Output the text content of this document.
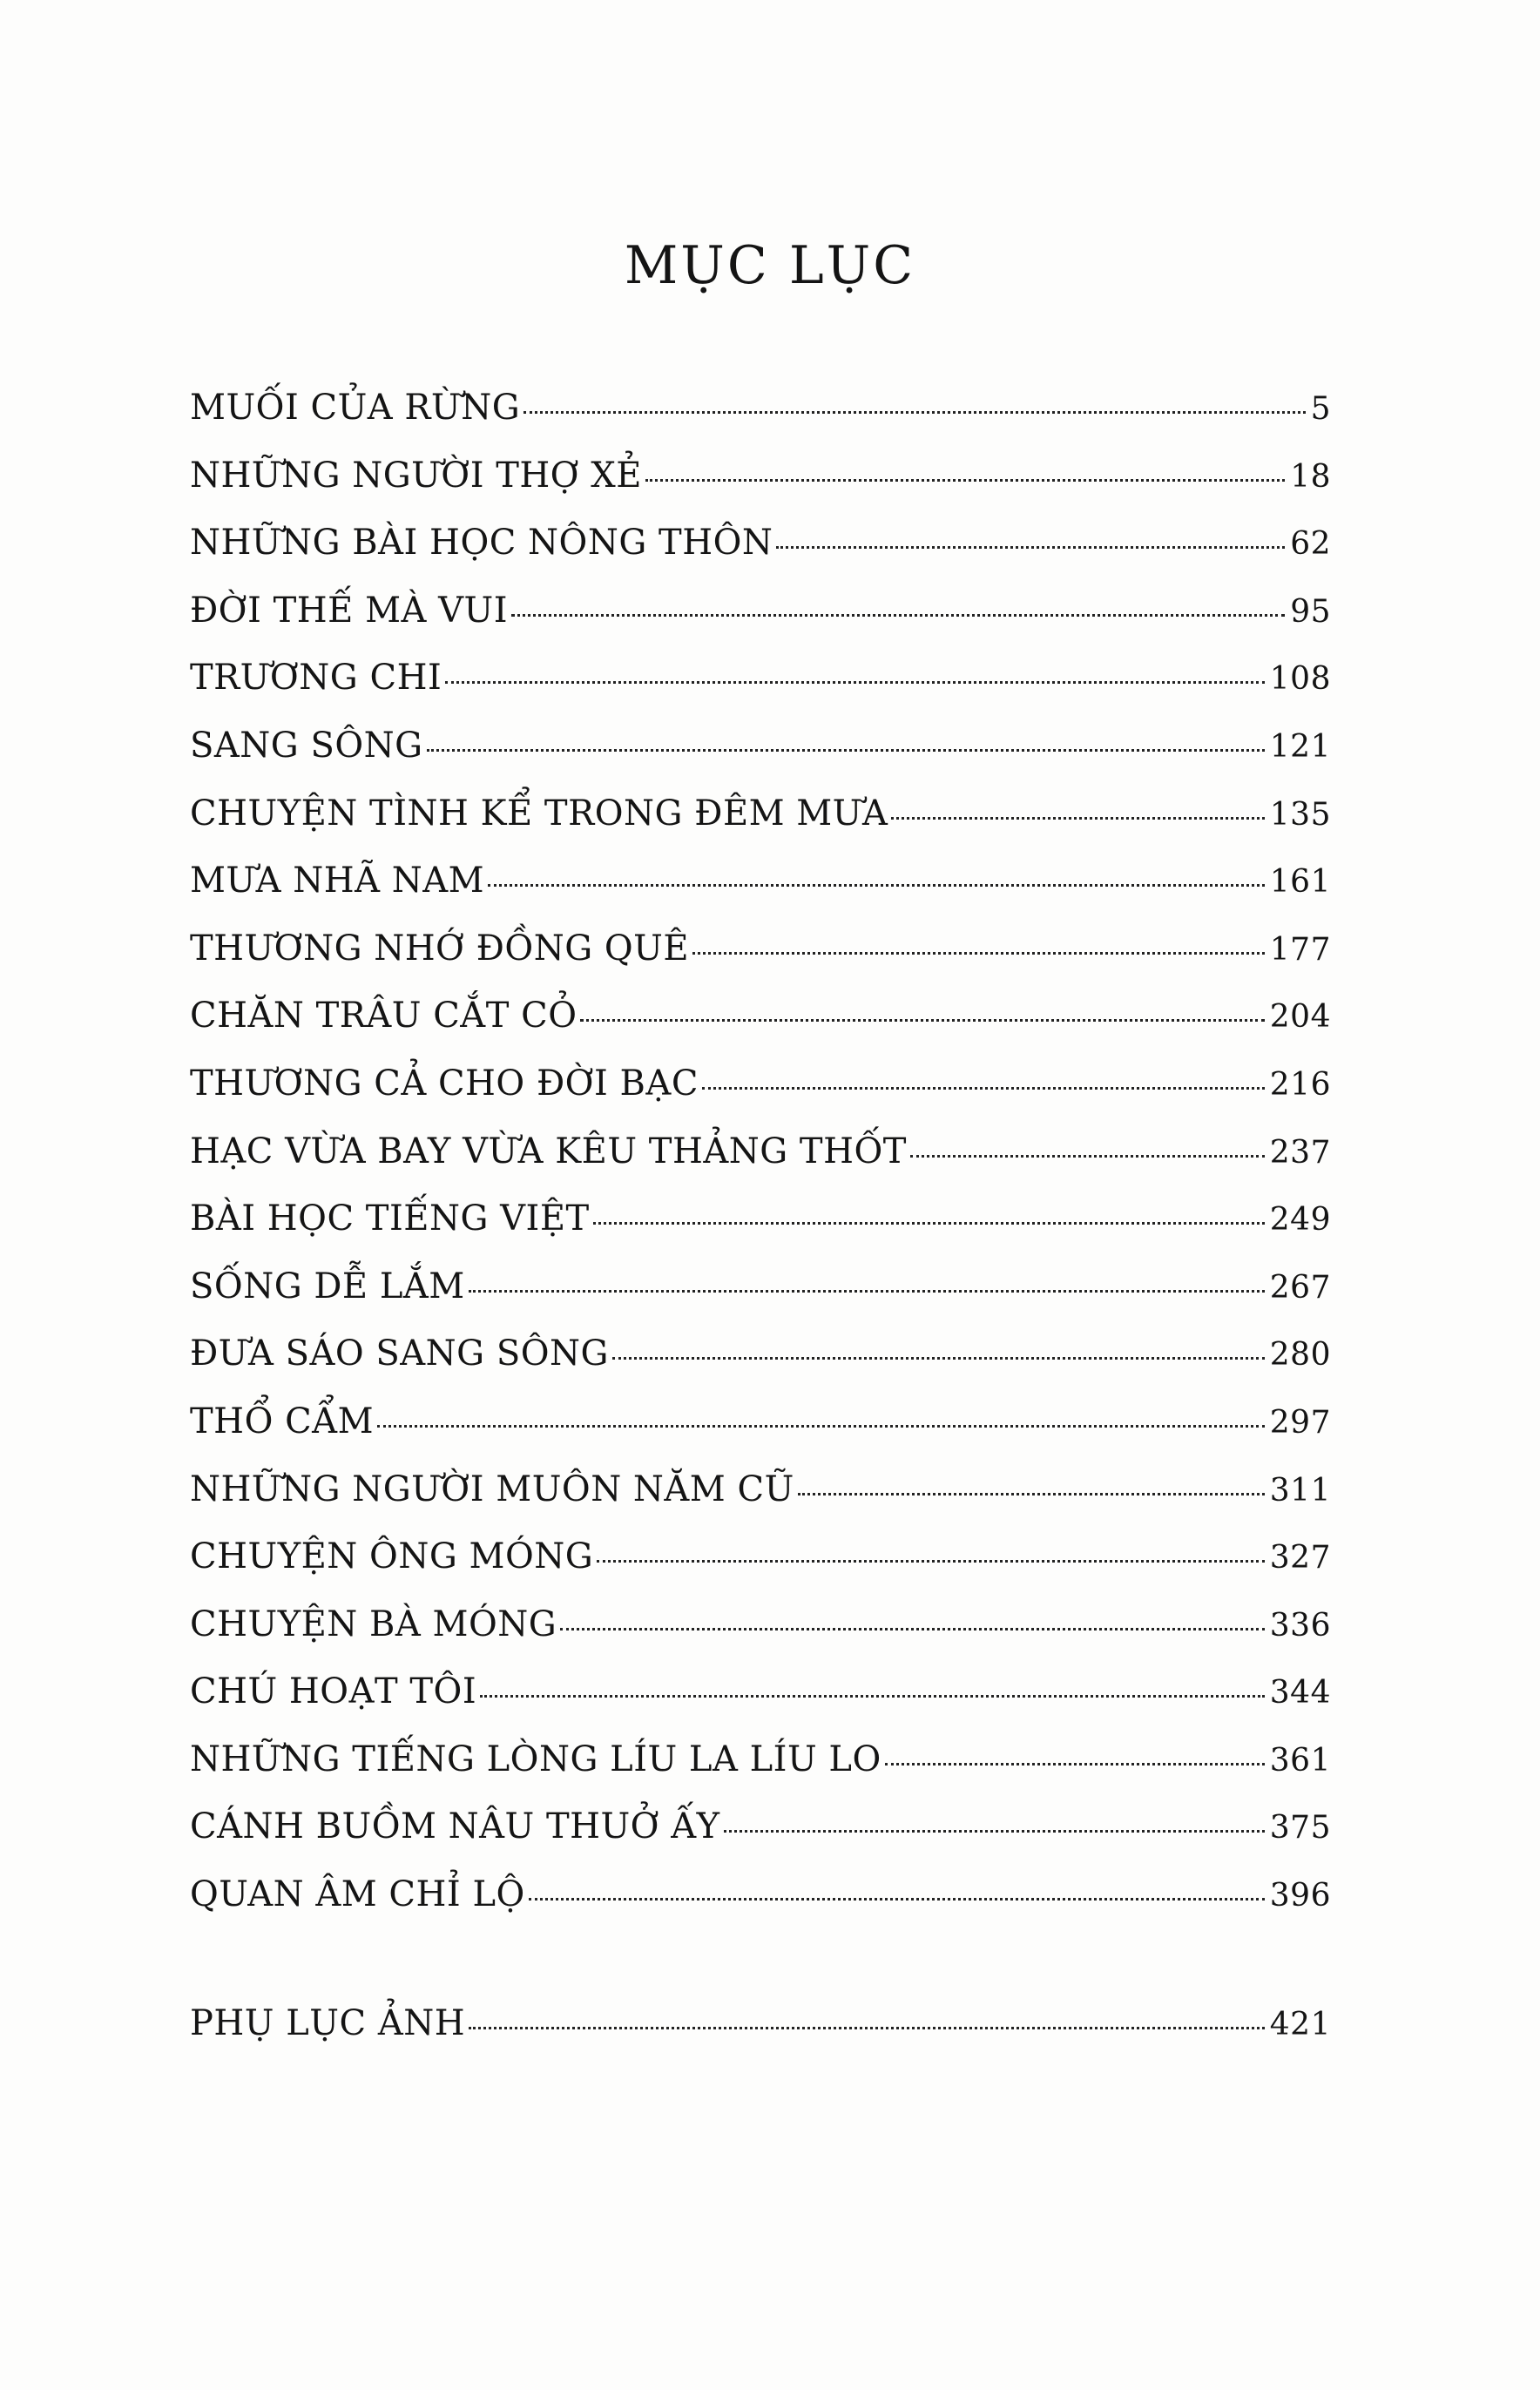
MỤC LỤC
MUỐI CỦA RỪNG	5
NHỮNG NGƯỜI THỢ XẺ	18
NHỮNG BÀI HỌC NÔNG THÔN	62
ĐỜI THẾ MÀ VUI	95
TRƯƠNG CHI	108
SANG SÔNG	121
CHUYỆN TÌNH KỂ TRONG ĐÊM MƯA	135
MƯA NHÃ NAM	161
THƯƠNG NHỚ ĐỒNG QUÊ	177
CHĂN TRÂU CẮT CỎ	204
THƯƠNG CẢ CHO ĐỜI BẠC	216
HẠC VỪA BAY VỪA KÊU THẢNG THỐT	237
BÀI HỌC TIẾNG VIỆT	249
SỐNG DỄ LẮM	267
ĐƯA SÁO SANG SÔNG	280
THỔ CẨM	297
NHỮNG NGƯỜI MUÔN NĂM CŨ	311
CHUYỆN ÔNG MÓNG	327
CHUYỆN BÀ MÓNG	336
CHÚ HOẠT TÔI	344
NHỮNG TIẾNG LÒNG LÍU LA LÍU LO	361
CÁNH BUỒM NÂU THUỞ ẤY	375
QUAN ÂM CHỈ LỘ	396
PHỤ LỤC ẢNH	421
